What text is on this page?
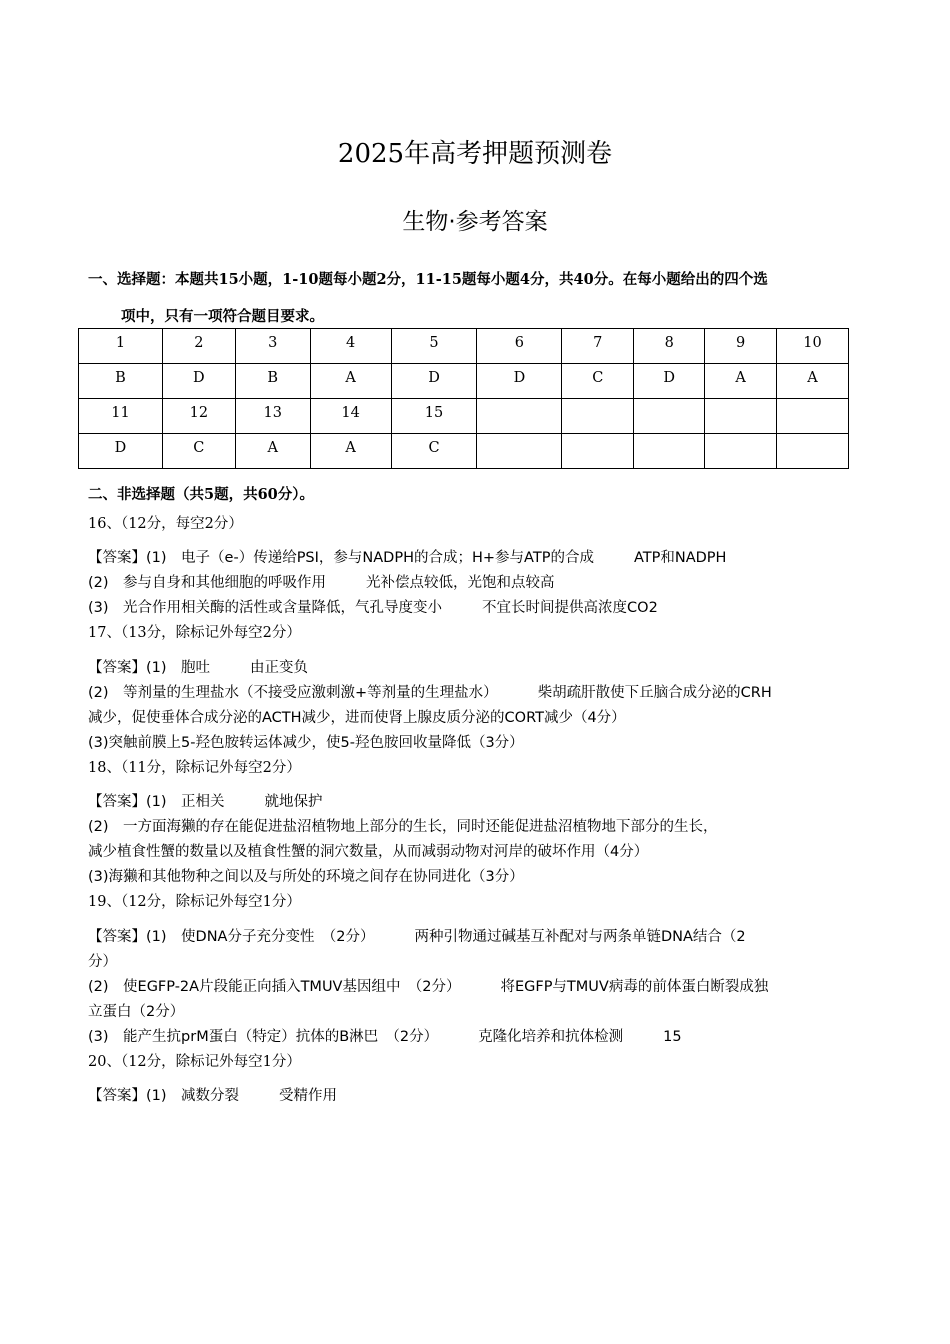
2025年高考押题预测卷
生物·参考答案
一、选择题：本题共15小题，1-10题每小题2分，11-15题每小题4分，共40分。在每小题给出的四个选
项中，只有一项符合题目要求。
1	2	3	4	5	6	7	8	9	10
B	D	B	A	D	D	C	D	A	A
11	12	13	14	15					
D	C	A	A	C					
二、非选择题（共5题，共60分）。
16、（12分，每空2分）
【答案】(1)　电子（e-）传递给PSI，参与NADPH的合成；H+参与ATP的合成	ATP和NADPH
(2)　参与自身和其他细胞的呼吸作用	光补偿点较低，光饱和点较高
(3)　光合作用相关酶的活性或含量降低，气孔导度变小	不宜长时间提供高浓度CO2
17、（13分，除标记外每空2分）
【答案】(1)　胞吐	由正变负
(2)　等剂量的生理盐水（不接受应激刺激+等剂量的生理盐水）	柴胡疏肝散使下丘脑合成分泌的CRH
减少，促使垂体合成分泌的ACTH减少，进而使肾上腺皮质分泌的CORT减少（4分）
(3)突触前膜上5-羟色胺转运体减少，使5-羟色胺回收量降低（3分）
18、（11分，除标记外每空2分）
【答案】(1)　正相关	就地保护
(2)　一方面海獭的存在能促进盐沼植物地上部分的生长，同时还能促进盐沼植物地下部分的生长，
减少植食性蟹的数量以及植食性蟹的洞穴数量，从而减弱动物对河岸的破坏作用（4分）
(3)海獭和其他物种之间以及与所处的环境之间存在协同进化（3分）
19、（12分，除标记外每空1分）
【答案】(1)　使DNA分子充分变性　（2分）	两种引物通过碱基互补配对与两条单链DNA结合（2
分）
(2)　使EGFP-2A片段能正向插入TMUV基因组中　（2分）	将EGFP与TMUV病毒的前体蛋白断裂成独
立蛋白（2分）
(3)　能产生抗prM蛋白（特定）抗体的B淋巴　（2分）	克隆化培养和抗体检测	15
20、（12分，除标记外每空1分）
【答案】(1)　减数分裂	受精作用
